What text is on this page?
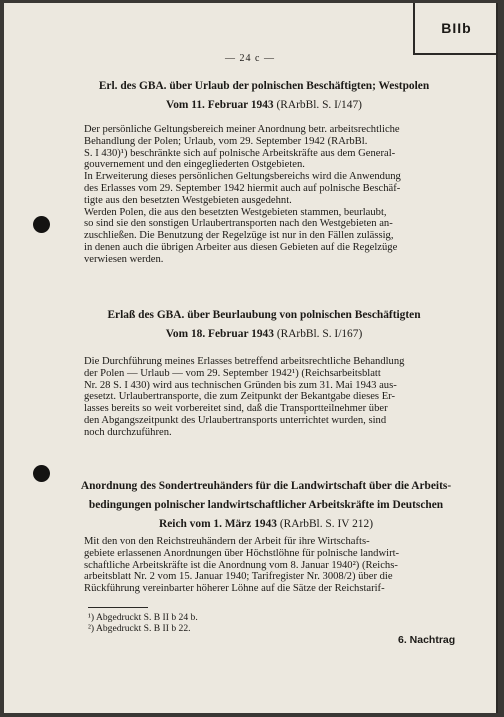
BIIb
— 24 c —
Erl. des GBA. über Urlaub der polnischen Beschäftigten; Westpolen
Vom 11. Februar 1943 (RArbBl. S. I/147)
Der persönliche Geltungsbereich meiner Anordnung betr. arbeitsrechtliche
Behandlung der Polen; Urlaub, vom 29. September 1942 (RArbBl.
S. I 430)¹) beschränkte sich auf polnische Arbeitskräfte aus dem General-
gouvernement und den eingegliederten Ostgebieten.
In Erweiterung dieses persönlichen Geltungsbereichs wird die Anwendung
des Erlasses vom 29. September 1942 hiermit auch auf polnische Beschäf-
tigte aus den besetzten Westgebieten ausgedehnt.
Werden Polen, die aus den besetzten Westgebieten stammen, beurlaubt,
so sind sie den sonstigen Urlaubertransporten nach den Westgebieten an-
zuschließen. Die Benutzung der Regelzüge ist nur in den Fällen zulässig,
in denen auch die übrigen Arbeiter aus diesen Gebieten auf die Regelzüge
verwiesen werden.
Erlaß des GBA. über Beurlaubung von polnischen Beschäftigten
Vom 18. Februar 1943 (RArbBl. S. I/167)
Die Durchführung meines Erlasses betreffend arbeitsrechtliche Behandlung
der Polen — Urlaub — vom 29. September 1942¹) (Reichsarbeitsblatt
Nr. 28 S. I 430) wird aus technischen Gründen bis zum 31. Mai 1943 aus-
gesetzt. Urlaubertransporte, die zum Zeitpunkt der Bekantgabe dieses Er-
lasses bereits so weit vorbereitet sind, daß die Transportteilnehmer über
den Abgangszeitpunkt des Urlaubertransports unterrichtet wurden, sind
noch durchzuführen.
Anordnung des Sondertreuhänders für die Landwirtschaft über die Arbeits-
bedingungen polnischer landwirtschaftlicher Arbeitskräfte im Deutschen
Reich vom 1. März 1943 (RArbBl. S. IV 212)
Mit den von den Reichstreuhändern der Arbeit für ihre Wirtschafts-
gebiete erlassenen Anordnungen über Höchstlöhne für polnische landwirt-
schaftliche Arbeitskräfte ist die Anordnung vom 8. Januar 1940²) (Reichs-
arbeitsblatt Nr. 2 vom 15. Januar 1940; Tarifregister Nr. 3008/2) über die
Rückführung vereinbarter höherer Löhne auf die Sätze der Reichstarif-
¹) Abgedruckt S. B II b 24 b.
²) Abgedruckt S. B II b 22.
6. Nachtrag
